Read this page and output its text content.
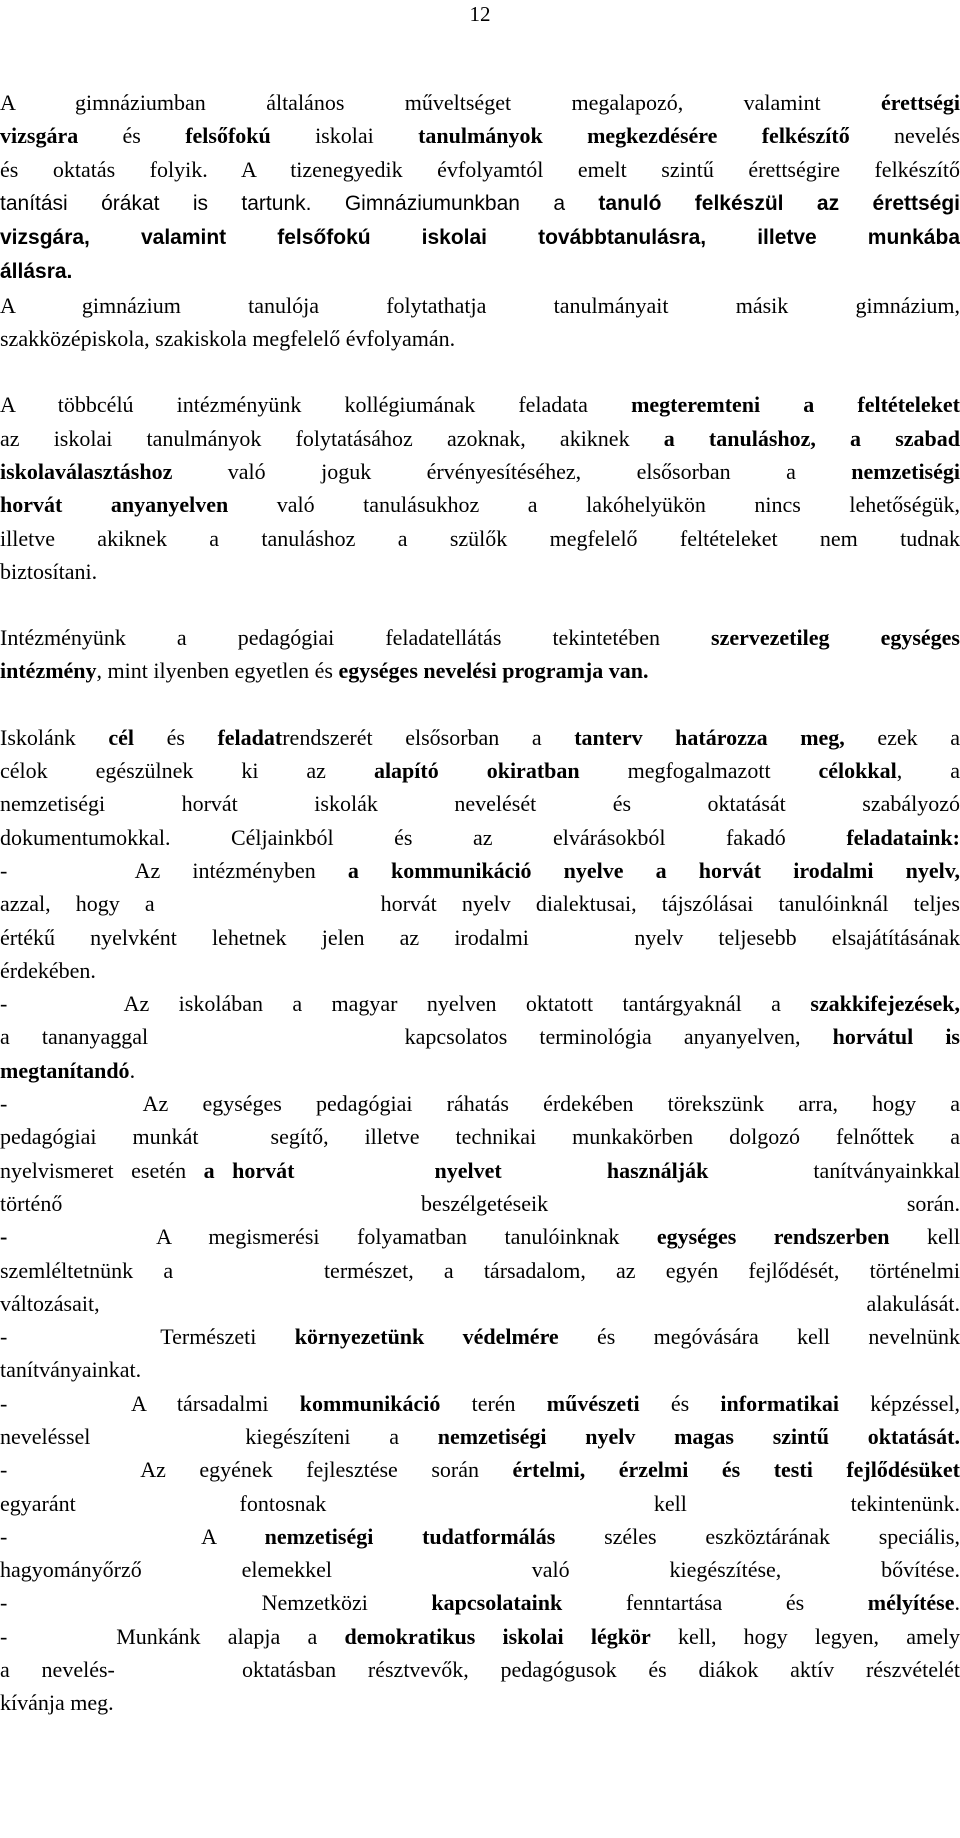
12
A gimnáziumban általános műveltséget megalapozó, valamint érettségi
vizsgára és felsőfokú iskolai tanulmányok megkezdésére felkészítő nevelés
és oktatás folyik. A tizenegyedik évfolyamtól emelt szintű érettségire felkészítő
tanítási órákat is tartunk. Gimnáziumunkban a tanuló felkészül az érettségi
vizsgára, valamint felsőfokú iskolai továbbtanulásra, illetve munkába
állásra.
A gimnázium tanulója folytathatja tanulmányait másik gimnázium,
szakközépiskola, szakiskola megfelelő évfolyamán.
A többcélú intézményünk kollégiumának feladata megteremteni a feltételeket
az iskolai tanulmányok folytatásához azoknak, akiknek a tanuláshoz, a szabad
iskolaválasztáshoz való joguk érvényesítéséhez, elsősorban a nemzetiségi
horvát anyanyelven való tanulásukhoz a lakóhelyükön nincs lehetőségük,
illetve akiknek a tanuláshoz a szülők megfelelő feltételeket nem tudnak
biztosítani.
Intézményünk a pedagógiai feladatellátás tekintetében szervezetileg egységes
intézmény, mint ilyenben egyetlen és egységes nevelési programja van.
Iskolánk cél és feladatrendszerét elsősorban a tanterv határozza meg, ezek a
célok egészülnek ki az alapító okiratban megfogalmazott célokkal, a
nemzetiségi horvát iskolák nevelését és oktatását szabályozó
dokumentumokkal. Céljainkból és az elvárásokból fakadó feladataink:
-    Az intézményben a kommunikáció nyelve a horvát irodalmi nyelv,
azzal, hogy a         horvát nyelv dialektusai, tájszólásai tanulóinknál teljes
értékű nyelvként lehetnek jelen az irodalmi   nyelv teljesebb elsajátításának
érdekében.
-    Az iskolában a magyar nyelven oktatott tantárgyaknál a szakkifejezések,
a tananyaggal        kapcsolatos terminológia anyanyelven, horvátul is
megtanítandó.
-    Az egységes pedagógiai ráhatás érdekében törekszünk arra, hogy a
pedagógiai munkát  segítő, illetve technikai munkakörben dolgozó felnőttek a
nyelvismeret esetén a horvát        nyelvet      használják      tanítványainkkal
történő beszélgetéseik során.
-    A megismerési folyamatban tanulóinknak egységes rendszerben kell
szemléltetnünk a     természet, a társadalom, az egyén fejlődését, történelmi
változásait, alakulását.
-    Természeti környezetünk védelmére és megóvására kell nevelnünk
tanítványainkat.
-    A társadalmi kommunikáció terén művészeti és informatikai képzéssel,
neveléssel    kiegészíteni a nemzetiségi nyelv magas szintű oktatását.
-    Az egyének fejlesztése során értelmi, érzelmi és testi fejlődésüket
egyaránt fontosnak  kell tekintenünk.
-    A nemzetiségi tudatformálás széles eszköztárának speciális,
hagyományőrző elemekkel  való kiegészítése, bővítése.
-    Nemzetközi kapcsolataink fenntartása és mélyítése.
-    Munkánk alapja a demokratikus iskolai légkör kell, hogy legyen, amely
a nevelés-    oktatásban résztvevők, pedagógusok és diákok aktív részvételét
kívánja meg.
